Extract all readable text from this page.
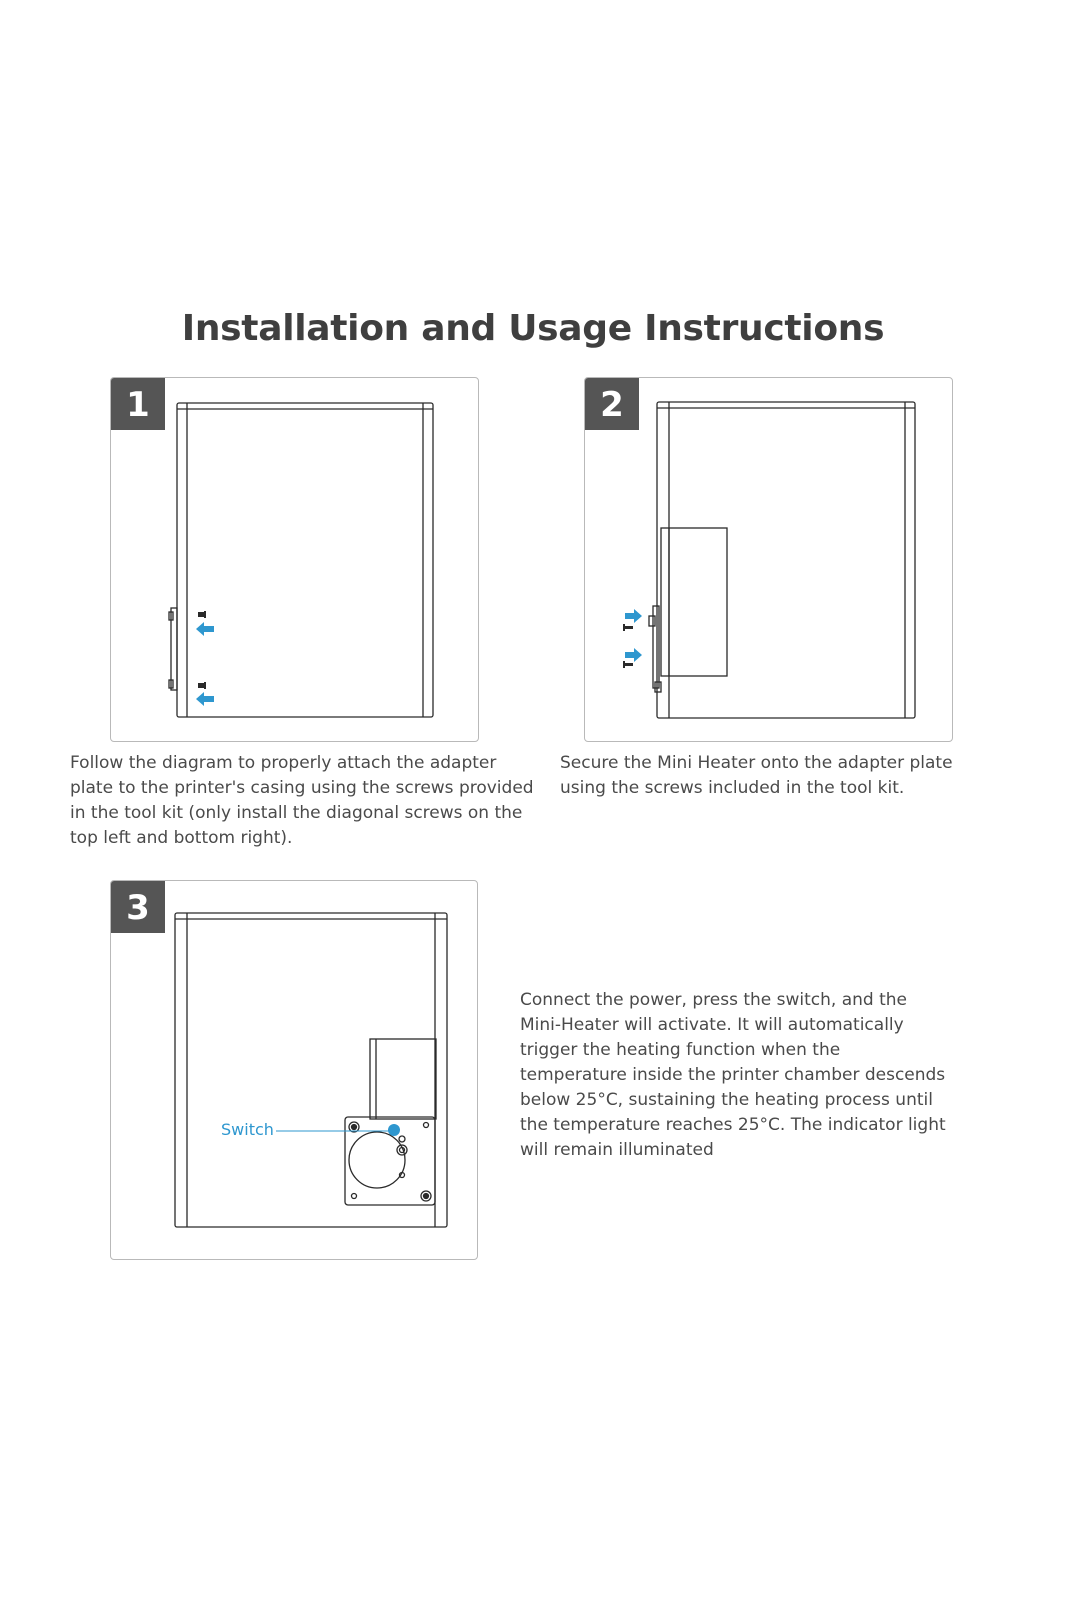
Installation and Usage Instructions
1

Follow the diagram to properly attach the adapter plate to the printer's casing using the screws provided in the tool kit (only install the diagonal screws on the top left and bottom right).

2

Secure the Mini Heater onto the adapter plate using the screws included in the tool kit.

3
Switch

Connect the power, press the switch, and the Mini-Heater will activate. It will automatically trigger the heating function when the temperature inside the printer chamber descends below 25°C, sustaining the heating process until the temperature reaches 25°C. The indicator light will remain illuminated
